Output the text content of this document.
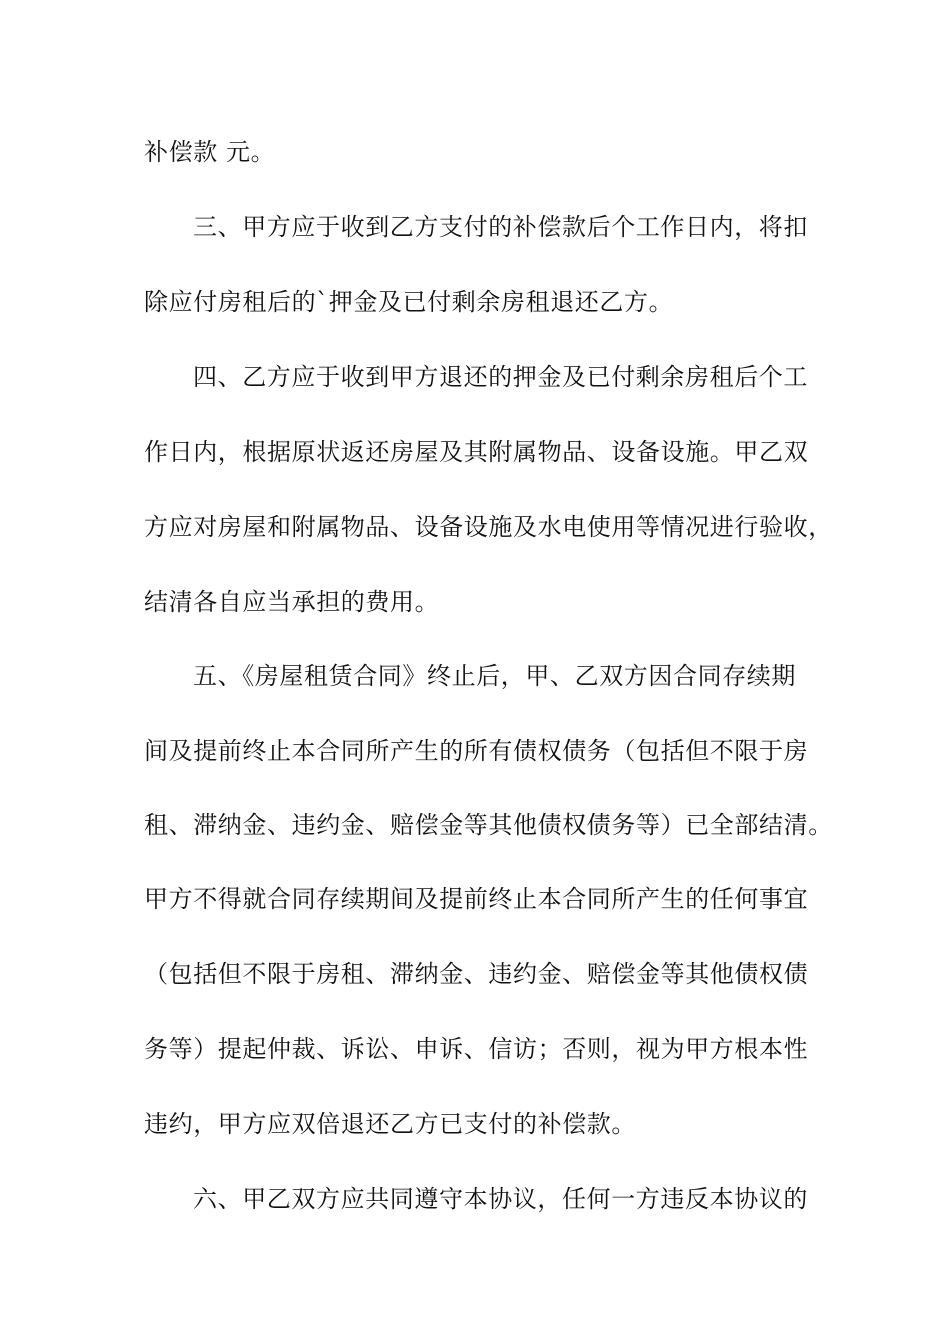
补偿款 元。
三、甲方应于收到乙方支付的补偿款后个工作日内，将扣
除应付房租后的`押金及已付剩余房租退还乙方。
四、乙方应于收到甲方退还的押金及已付剩余房租后个工
作日内，根据原状返还房屋及其附属物品、设备设施。甲乙双
方应对房屋和附属物品、设备设施及水电使用等情况进行验收，
结清各自应当承担的费用。
五、《房屋租赁合同》终止后，甲、乙双方因合同存续期
间及提前终止本合同所产生的所有债权债务（包括但不限于房
租、滞纳金、违约金、赔偿金等其他债权债务等）已全部结清。
甲方不得就合同存续期间及提前终止本合同所产生的任何事宜
（包括但不限于房租、滞纳金、违约金、赔偿金等其他债权债
务等）提起仲裁、诉讼、申诉、信访；否则，视为甲方根本性
违约，甲方应双倍退还乙方已支付的补偿款。
六、甲乙双方应共同遵守本协议，任何一方违反本协议的
